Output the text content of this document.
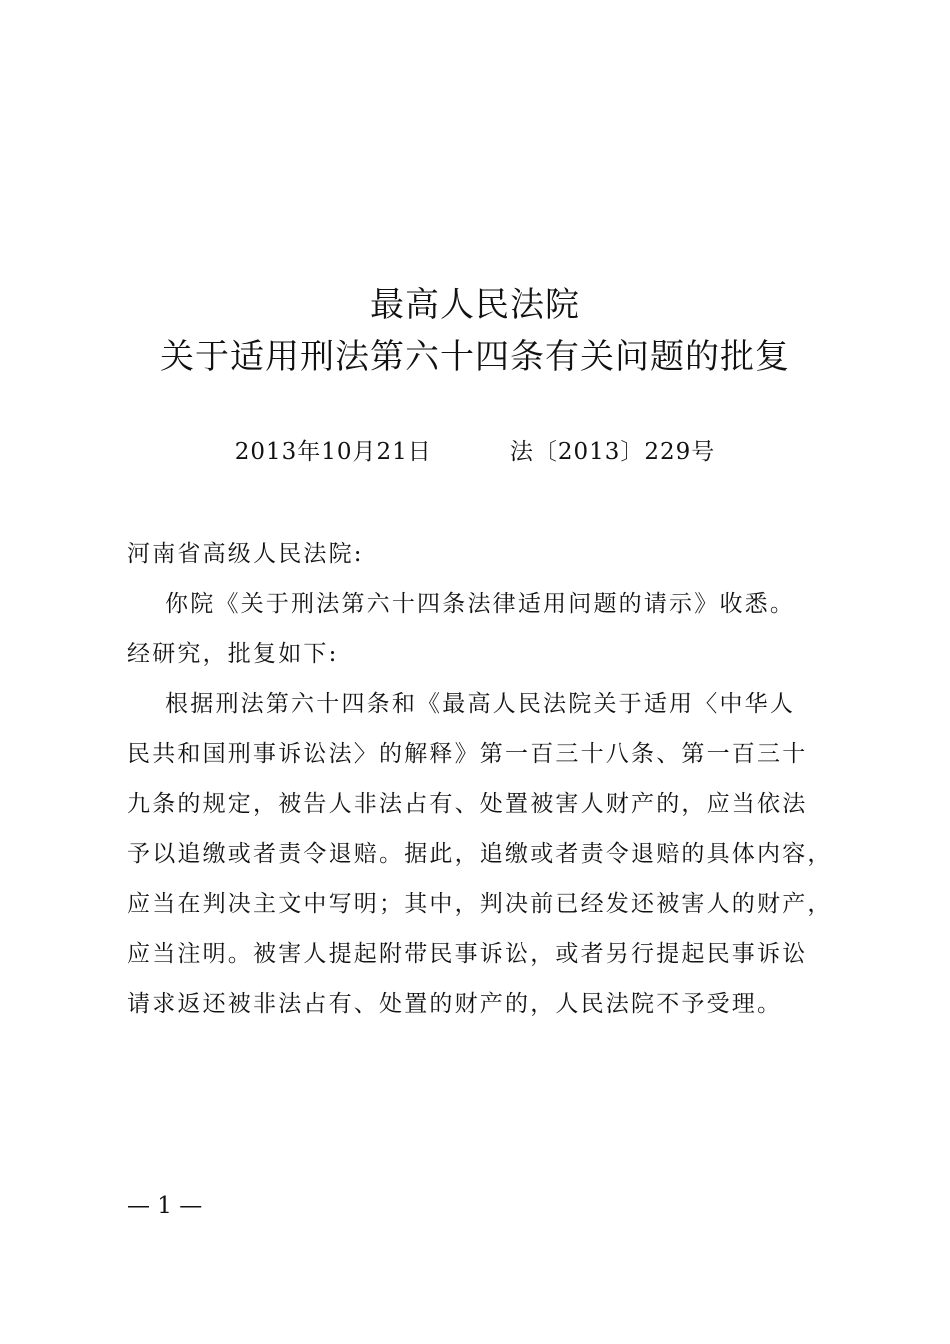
最高人民法院
关于适用刑法第六十四条有关问题的批复
2013年10月21日	法〔2013〕229号
河南省高级人民法院:
你院《关于刑法第六十四条法律适用问题的请示》收悉。
经研究，批复如下:
根据刑法第六十四条和《最高人民法院关于适用〈中华人
民共和国刑事诉讼法〉的解释》第一百三十八条、第一百三十
九条的规定，被告人非法占有、处置被害人财产的，应当依法
予以追缴或者责令退赔。据此，追缴或者责令退赔的具体内容，
应当在判决主文中写明；其中，判决前已经发还被害人的财产，
应当注明。被害人提起附带民事诉讼，或者另行提起民事诉讼
请求返还被非法占有、处置的财产的，人民法院不予受理。
— 1 —
